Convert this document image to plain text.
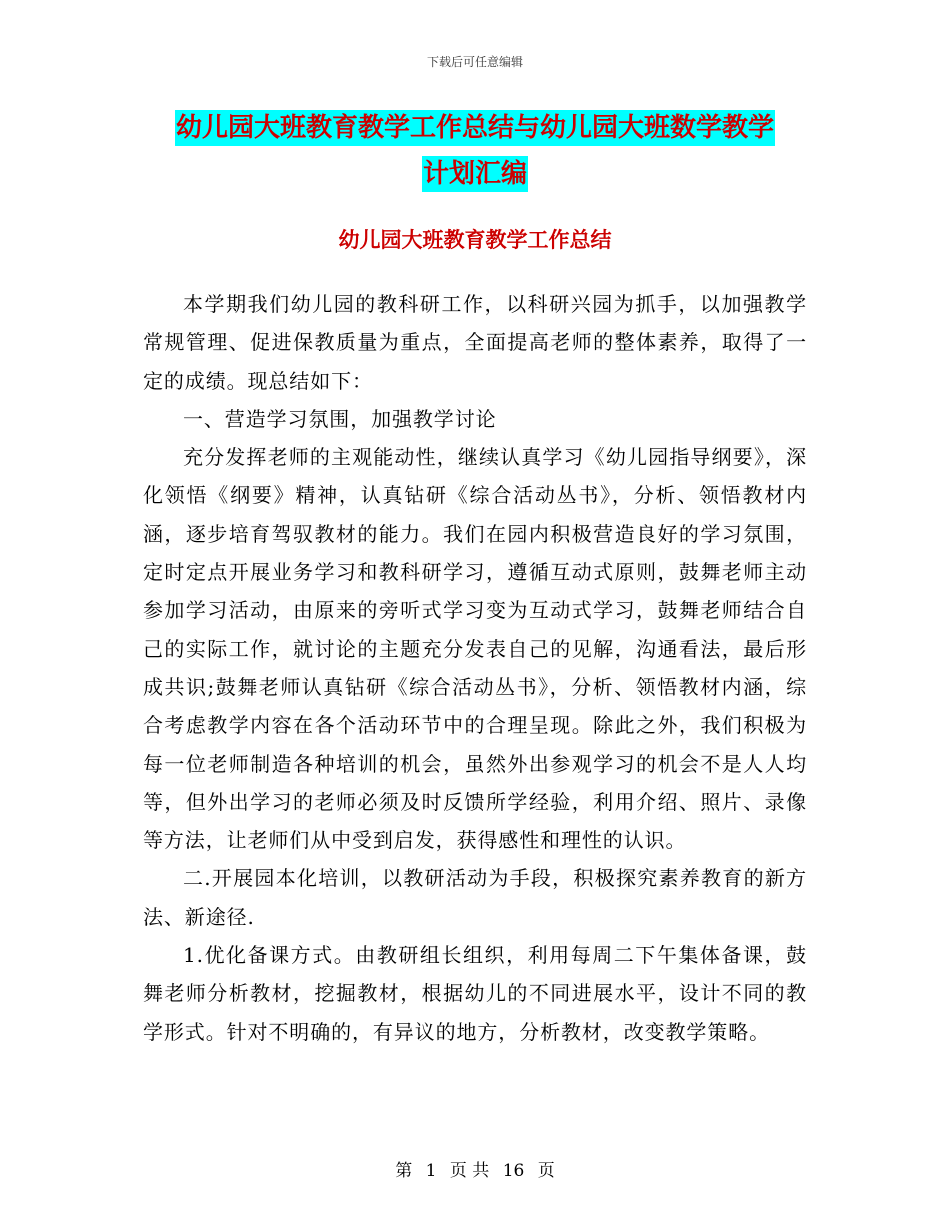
下载后可任意编辑
幼儿园大班教育教学工作总结与幼儿园大班数学教学
计划汇编
幼儿园大班教育教学工作总结

本学期我们幼儿园的教科研工作，以科研兴园为抓手，以加强教学常规管理、促进保教质量为重点，全面提高老师的整体素养，取得了一定的成绩。现总结如下：

一、营造学习氛围，加强教学讨论

充分发挥老师的主观能动性，继续认真学习《幼儿园指导纲要》，深化领悟《纲要》精神，认真钻研《综合活动丛书》，分析、领悟教材内涵，逐步培育驾驭教材的能力。我们在园内积极营造良好的学习氛围，定时定点开展业务学习和教科研学习，遵循互动式原则，鼓舞老师主动参加学习活动，由原来的旁听式学习变为互动式学习，鼓舞老师结合自己的实际工作，就讨论的主题充分发表自己的见解，沟通看法，最后形成共识;鼓舞老师认真钻研《综合活动丛书》，分析、领悟教材内涵，综合考虑教学内容在各个活动环节中的合理呈现。除此之外，我们积极为每一位老师制造各种培训的机会，虽然外出参观学习的机会不是人人均等，但外出学习的老师必须及时反馈所学经验，利用介绍、照片、录像等方法，让老师们从中受到启发，获得感性和理性的认识。

二.开展园本化培训，以教研活动为手段，积极探究素养教育的新方法、新途径.

1.优化备课方式。由教研组长组织，利用每周二下午集体备课，鼓舞老师分析教材，挖掘教材，根据幼儿的不同进展水平，设计不同的教学形式。针对不明确的，有异议的地方，分析教材，改变教学策略。

第 1 页 共 16 页
